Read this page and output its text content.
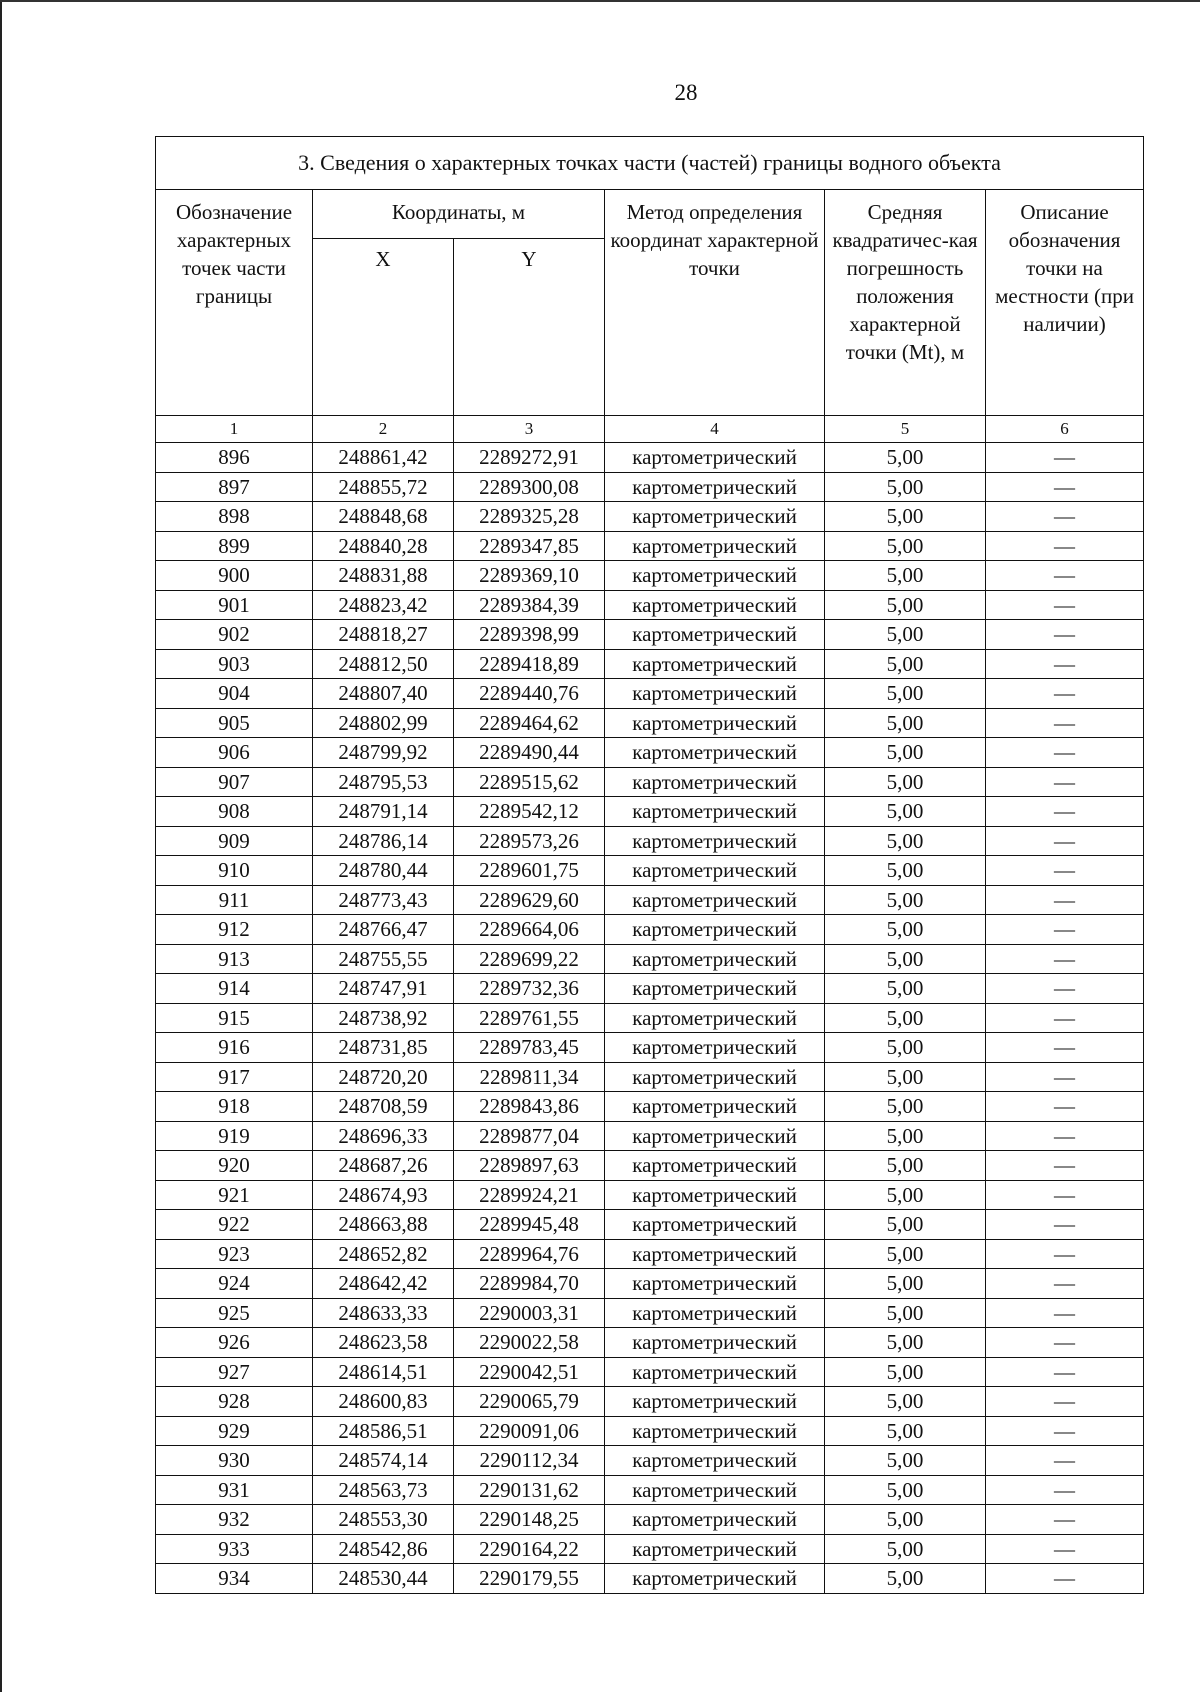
28
3. Сведения о характерных точках части (частей) границы водного объекта					
Обозначение характерных точек части границы	Координаты, м		Метод определения координат характерной точки	Средняя квадратичес-кая погрешность положения характерной точки (Mt), м	Описание обозначения точки на местности (при наличии)
	X	Y			
1	2	3	4	5	6
896	248861,42	2289272,91	картометрический	5,00	—
897	248855,72	2289300,08	картометрический	5,00	—
898	248848,68	2289325,28	картометрический	5,00	—
899	248840,28	2289347,85	картометрический	5,00	—
900	248831,88	2289369,10	картометрический	5,00	—
901	248823,42	2289384,39	картометрический	5,00	—
902	248818,27	2289398,99	картометрический	5,00	—
903	248812,50	2289418,89	картометрический	5,00	—
904	248807,40	2289440,76	картометрический	5,00	—
905	248802,99	2289464,62	картометрический	5,00	—
906	248799,92	2289490,44	картометрический	5,00	—
907	248795,53	2289515,62	картометрический	5,00	—
908	248791,14	2289542,12	картометрический	5,00	—
909	248786,14	2289573,26	картометрический	5,00	—
910	248780,44	2289601,75	картометрический	5,00	—
911	248773,43	2289629,60	картометрический	5,00	—
912	248766,47	2289664,06	картометрический	5,00	—
913	248755,55	2289699,22	картометрический	5,00	—
914	248747,91	2289732,36	картометрический	5,00	—
915	248738,92	2289761,55	картометрический	5,00	—
916	248731,85	2289783,45	картометрический	5,00	—
917	248720,20	2289811,34	картометрический	5,00	—
918	248708,59	2289843,86	картометрический	5,00	—
919	248696,33	2289877,04	картометрический	5,00	—
920	248687,26	2289897,63	картометрический	5,00	—
921	248674,93	2289924,21	картометрический	5,00	—
922	248663,88	2289945,48	картометрический	5,00	—
923	248652,82	2289964,76	картометрический	5,00	—
924	248642,42	2289984,70	картометрический	5,00	—
925	248633,33	2290003,31	картометрический	5,00	—
926	248623,58	2290022,58	картометрический	5,00	—
927	248614,51	2290042,51	картометрический	5,00	—
928	248600,83	2290065,79	картометрический	5,00	—
929	248586,51	2290091,06	картометрический	5,00	—
930	248574,14	2290112,34	картометрический	5,00	—
931	248563,73	2290131,62	картометрический	5,00	—
932	248553,30	2290148,25	картометрический	5,00	—
933	248542,86	2290164,22	картометрический	5,00	—
934	248530,44	2290179,55	картометрический	5,00	—
